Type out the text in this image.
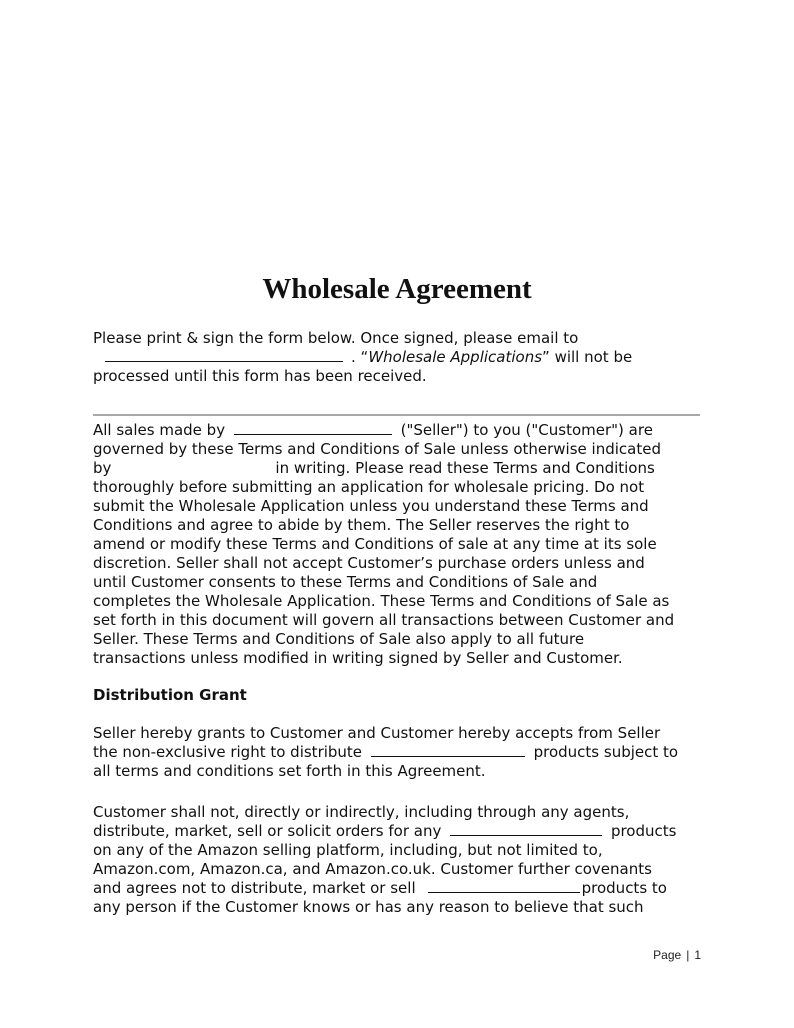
Wholesale Agreement
Please print & sign the form below. Once signed, please email to
. “Wholesale Applications” will not be
processed until this form has been received.
All sales made by	("Seller") to you ("Customer") are
governed by these Terms and Conditions of Sale unless otherwise indicated
by	in writing. Please read these Terms and Conditions
thoroughly before submitting an application for wholesale pricing. Do not
submit the Wholesale Application unless you understand these Terms and
Conditions and agree to abide by them. The Seller reserves the right to
amend or modify these Terms and Conditions of sale at any time at its sole
discretion. Seller shall not accept Customer’s purchase orders unless and
until Customer consents to these Terms and Conditions of Sale and
completes the Wholesale Application. These Terms and Conditions of Sale as
set forth in this document will govern all transactions between Customer and
Seller. These Terms and Conditions of Sale also apply to all future
transactions unless modified in writing signed by Seller and Customer.
Distribution Grant
Seller hereby grants to Customer and Customer hereby accepts from Seller
the non-exclusive right to distribute	products subject to
all terms and conditions set forth in this Agreement.
Customer shall not, directly or indirectly, including through any agents,
distribute, market, sell or solicit orders for any	products
on any of the Amazon selling platform, including, but not limited to,
Amazon.com, Amazon.ca, and Amazon.co.uk. Customer further covenants
and agrees not to distribute, market or sell	products to
any person if the Customer knows or has any reason to believe that such
Page | 1
